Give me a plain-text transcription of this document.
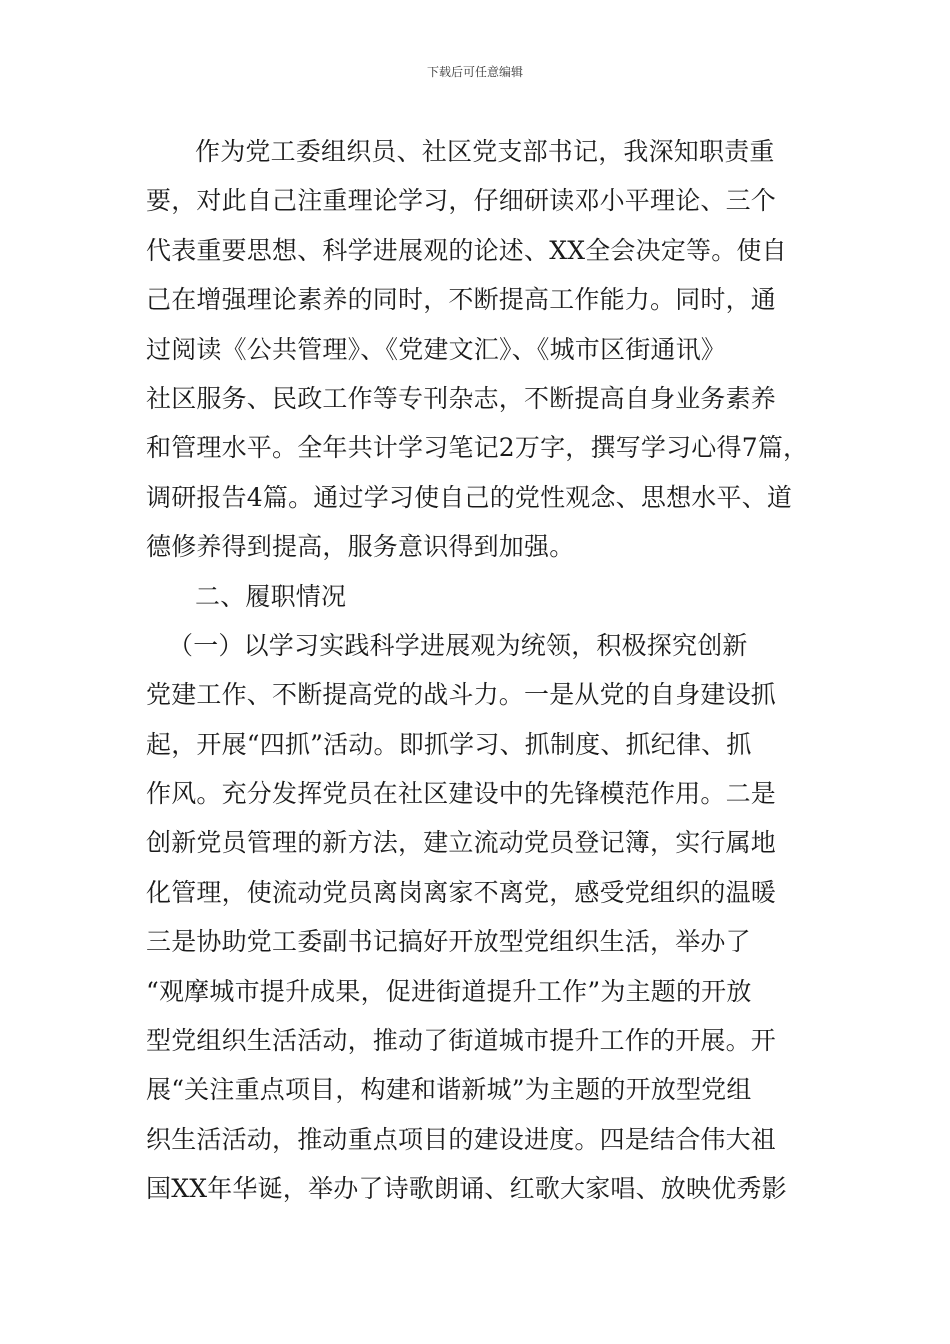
下载后可任意编辑
作为党工委组织员、社区党支部书记，我深知职责重
要，对此自己注重理论学习，仔细研读邓小平理论、三个
代表重要思想、科学进展观的论述、XX全会决定等。使自
己在增强理论素养的同时，不断提高工作能力。同时，通
过阅读《公共管理》、《党建文汇》、《城市区街通讯》
社区服务、民政工作等专刊杂志，不断提高自身业务素养
和管理水平。全年共计学习笔记2万字，撰写学习心得7篇，
调研报告4篇。通过学习使自己的党性观念、思想水平、道
德修养得到提高，服务意识得到加强。
二、履职情况
（一）以学习实践科学进展观为统领，积极探究创新
党建工作、不断提高党的战斗力。一是从党的自身建设抓
起，开展“四抓”活动。即抓学习、抓制度、抓纪律、抓
作风。充分发挥党员在社区建设中的先锋模范作用。二是
创新党员管理的新方法，建立流动党员登记簿，实行属地
化管理，使流动党员离岗离家不离党，感受党组织的温暖
三是协助党工委副书记搞好开放型党组织生活，举办了
“观摩城市提升成果，促进街道提升工作”为主题的开放
型党组织生活活动，推动了街道城市提升工作的开展。开
展“关注重点项目，构建和谐新城”为主题的开放型党组
织生活活动，推动重点项目的建设进度。四是结合伟大祖
国XX年华诞，举办了诗歌朗诵、红歌大家唱、放映优秀影
